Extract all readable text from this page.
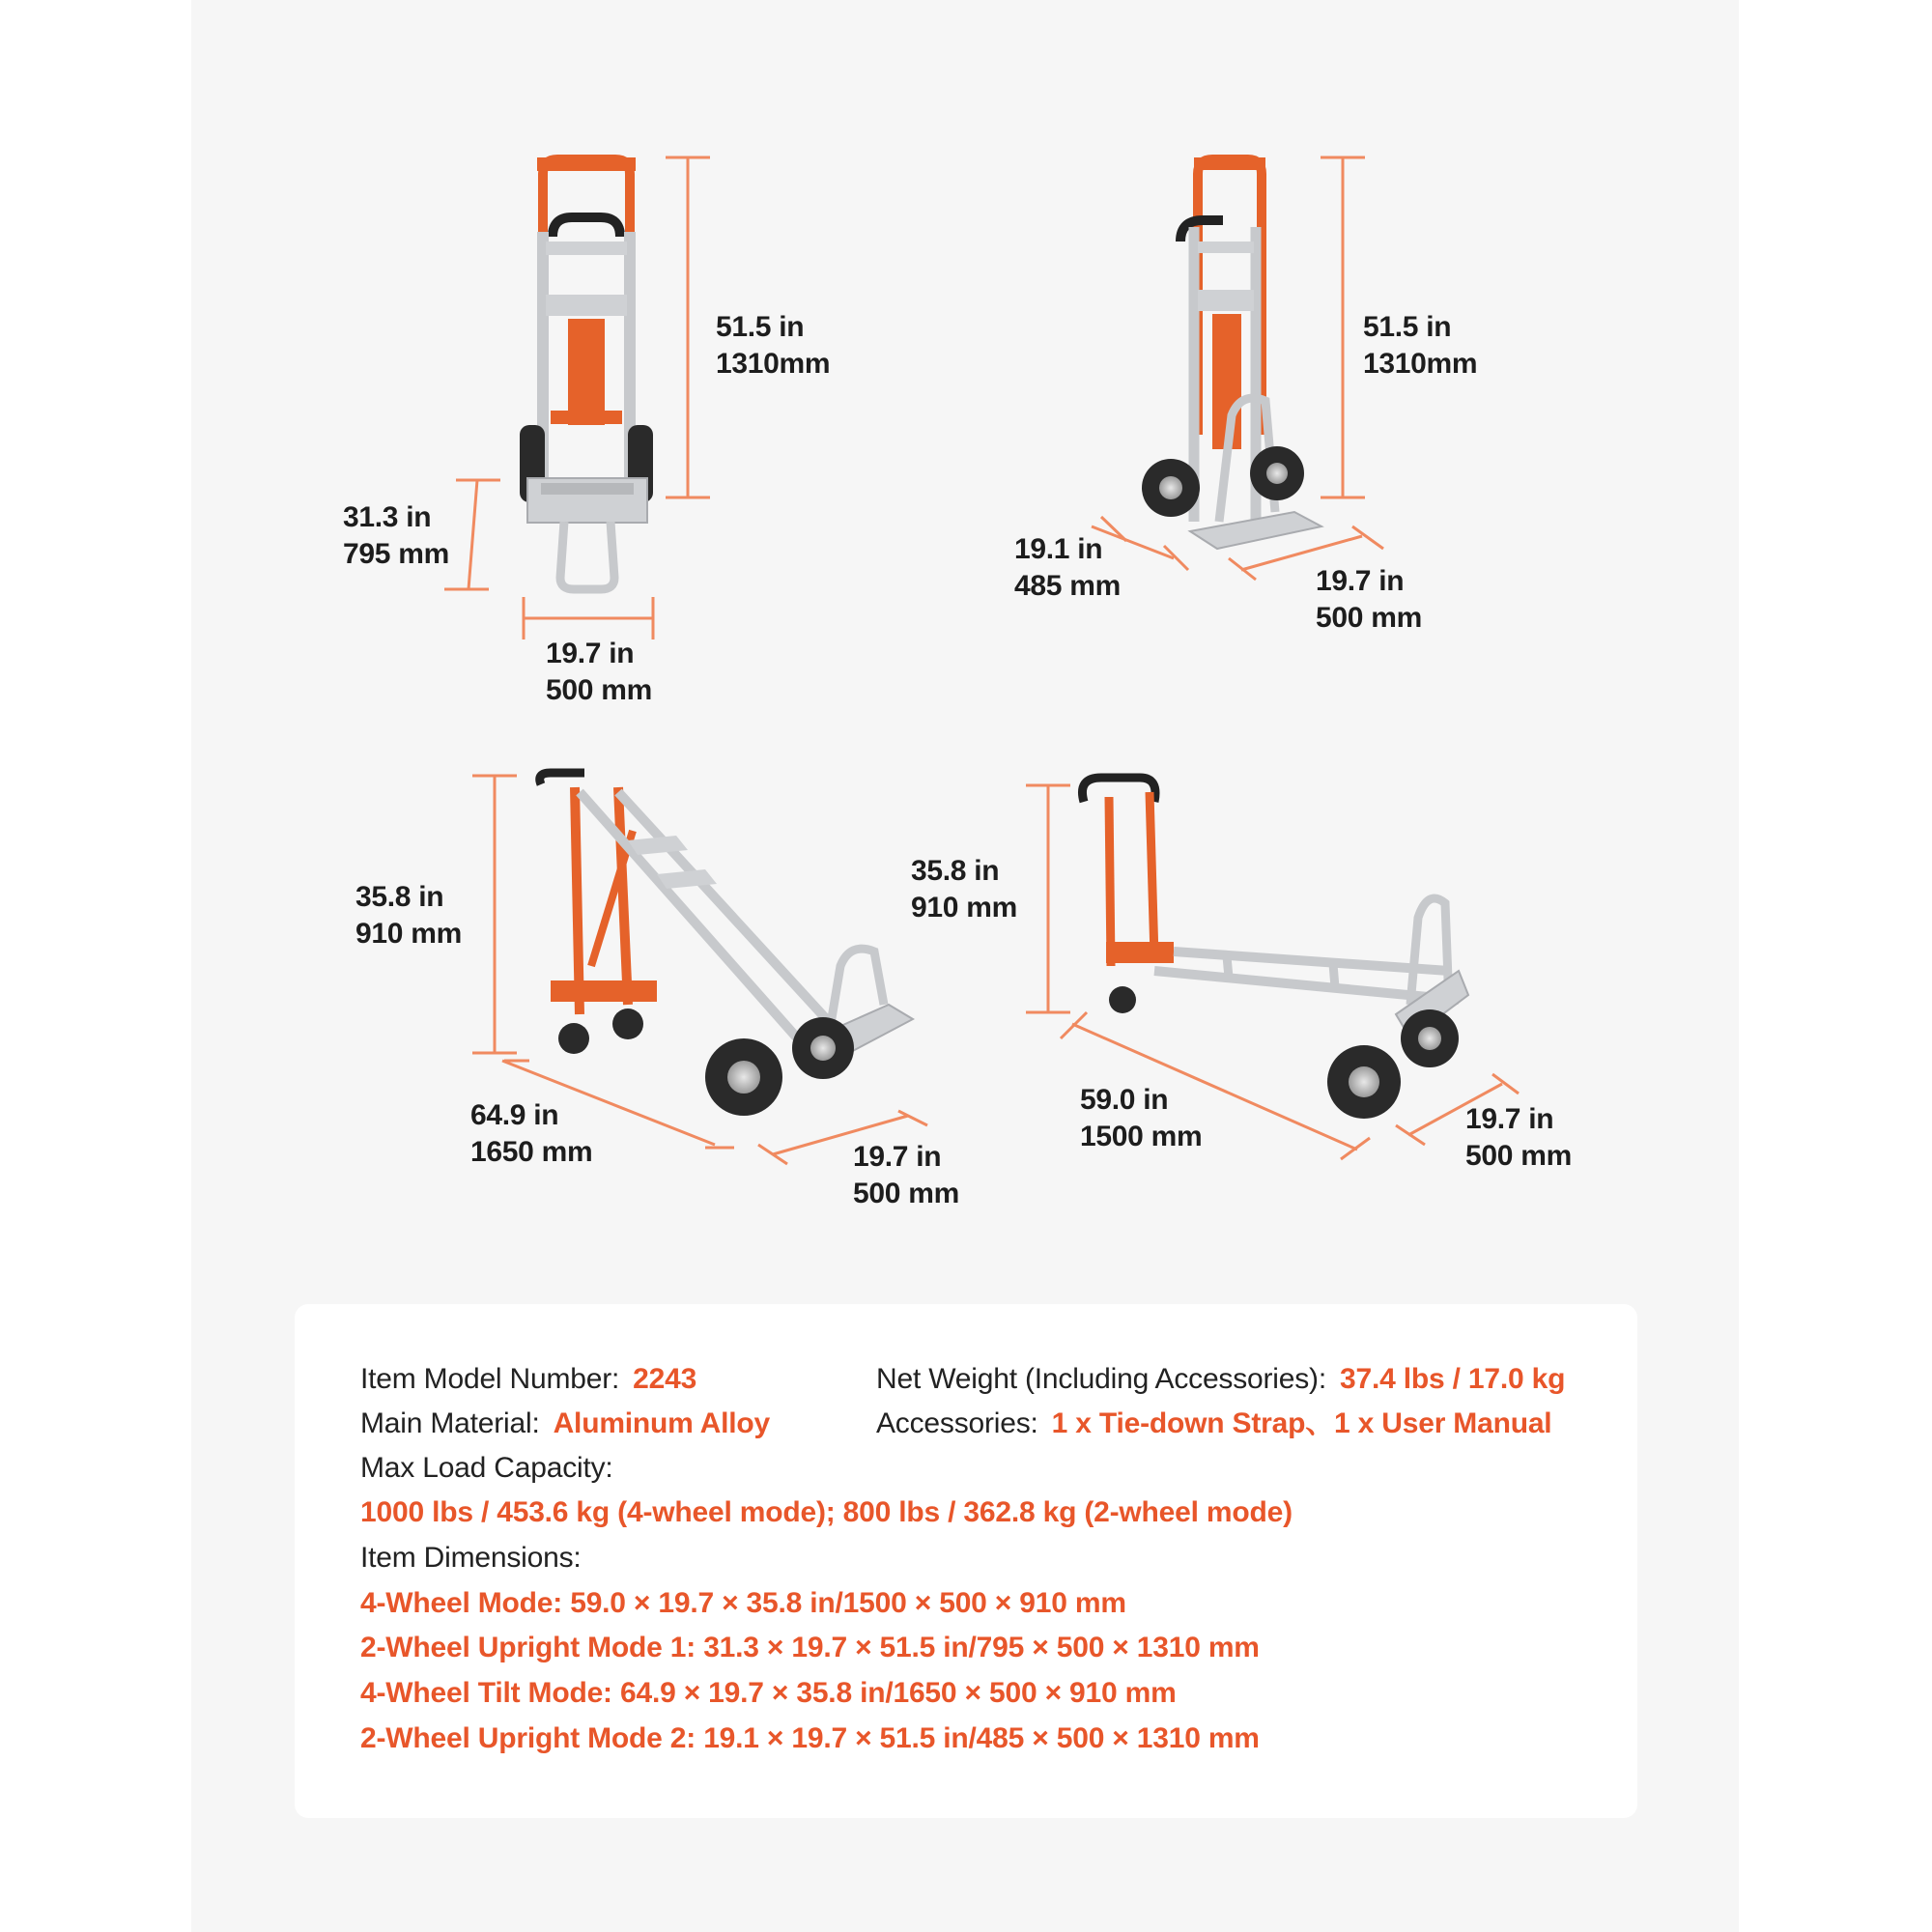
51.5 in
1310mm
31.3 in
795 mm
19.7 in
500 mm
51.5 in
1310mm
19.1 in
485 mm	19.7 in
500 mm
35.8 in
910 mm
64.9 in
1650 mm	19.7 in
500 mm
35.8 in
910 mm
59.0 in
1500 mm
19.7 in
500 mm
Item Model Number: 2243	Net Weight (Including Accessories): 37.4 lbs / 17.0 kg
Main Material: Aluminum Alloy	Accessories: 1 x Tie-down Strap、1 x User Manual
Max Load Capacity:
1000 lbs / 453.6 kg (4-wheel mode); 800 lbs / 362.8 kg (2-wheel mode)
Item Dimensions:
4-Wheel Mode: 59.0 × 19.7 × 35.8 in/1500 × 500 × 910 mm
2-Wheel Upright Mode 1: 31.3 × 19.7 × 51.5 in/795 × 500 × 1310 mm
4-Wheel Tilt Mode: 64.9 × 19.7 × 35.8 in/1650 × 500 × 910 mm
2-Wheel Upright Mode 2: 19.1 × 19.7 × 51.5 in/485 × 500 × 1310 mm
